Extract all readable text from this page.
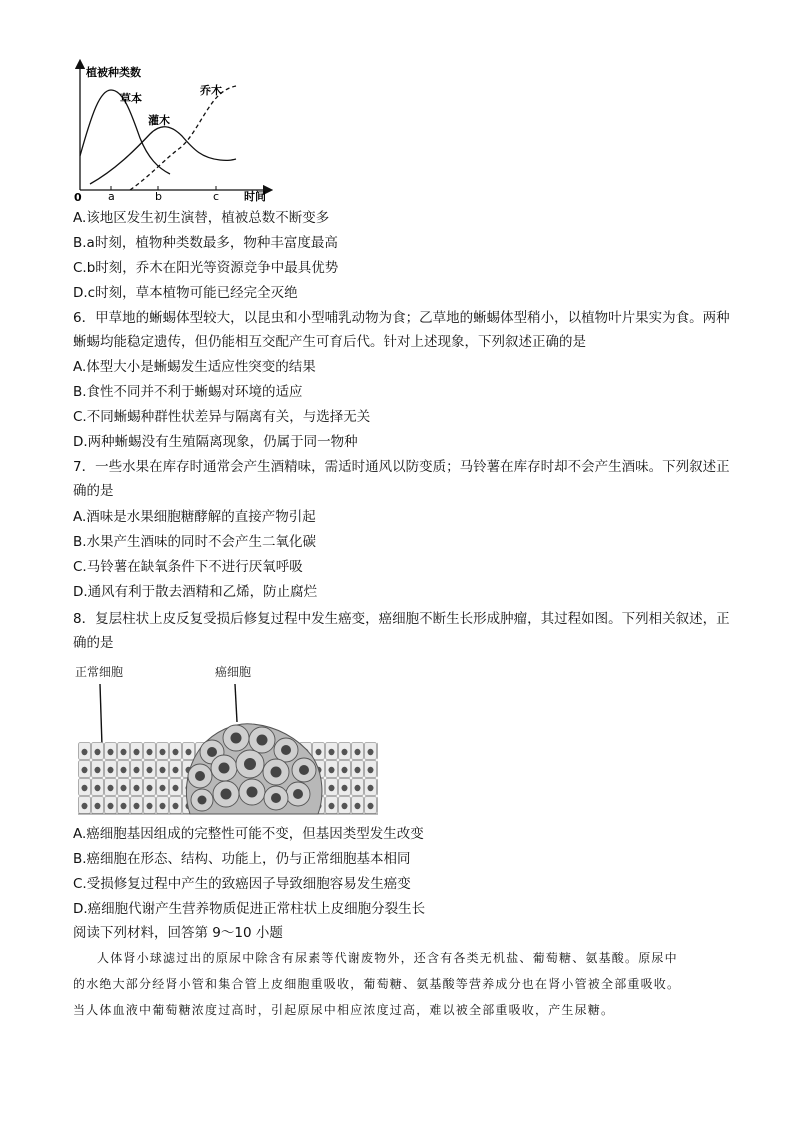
植被种类数
时间
0 a	b	c
草本
灌木
乔木
A.该地区发生初生演替，植被总数不断变多
B.a时刻，植物种类数最多，物种丰富度最高
C.b时刻，乔木在阳光等资源竞争中最具优势
D.c时刻，草本植物可能已经完全灭绝
6．甲草地的蜥蜴体型较大，以昆虫和小型哺乳动物为食；乙草地的蜥蜴体型稍小，以植物叶片果实为食。两种蜥蜴均能稳定遗传，但仍能相互交配产生可育后代。针对上述现象，下列叙述正确的是
A.体型大小是蜥蜴发生适应性突变的结果
B.食性不同并不利于蜥蜴对环境的适应
C.不同蜥蜴种群性状差异与隔离有关，与选择无关
D.两种蜥蜴没有生殖隔离现象，仍属于同一物种
7．一些水果在库存时通常会产生酒精味，需适时通风以防变质；马铃薯在库存时却不会产生酒味。下列叙述正确的是
A.酒味是水果细胞糖酵解的直接产物引起
B.水果产生酒味的同时不会产生二氧化碳
C.马铃薯在缺氧条件下不进行厌氧呼吸
D.通风有利于散去酒精和乙烯，防止腐烂
8．复层柱状上皮反复受损后修复过程中发生癌变，癌细胞不断生长形成肿瘤，其过程如图。下列相关叙述，正确的是
正常细胞	癌细胞
A.癌细胞基因组成的完整性可能不变，但基因类型发生改变
B.癌细胞在形态、结构、功能上，仍与正常细胞基本相同
C.受损修复过程中产生的致癌因子导致细胞容易发生癌变
D.癌细胞代谢产生营养物质促进正常柱状上皮细胞分裂生长
阅读下列材料，回答第 9～10 小题
人体肾小球滤过出的原尿中除含有尿素等代谢废物外，还含有各类无机盐、葡萄糖、氨基酸。原尿中
的水绝大部分经肾小管和集合管上皮细胞重吸收，葡萄糖、氨基酸等营养成分也在肾小管被全部重吸收。
当人体血液中葡萄糖浓度过高时，引起原尿中相应浓度过高，难以被全部重吸收，产生尿糖。
